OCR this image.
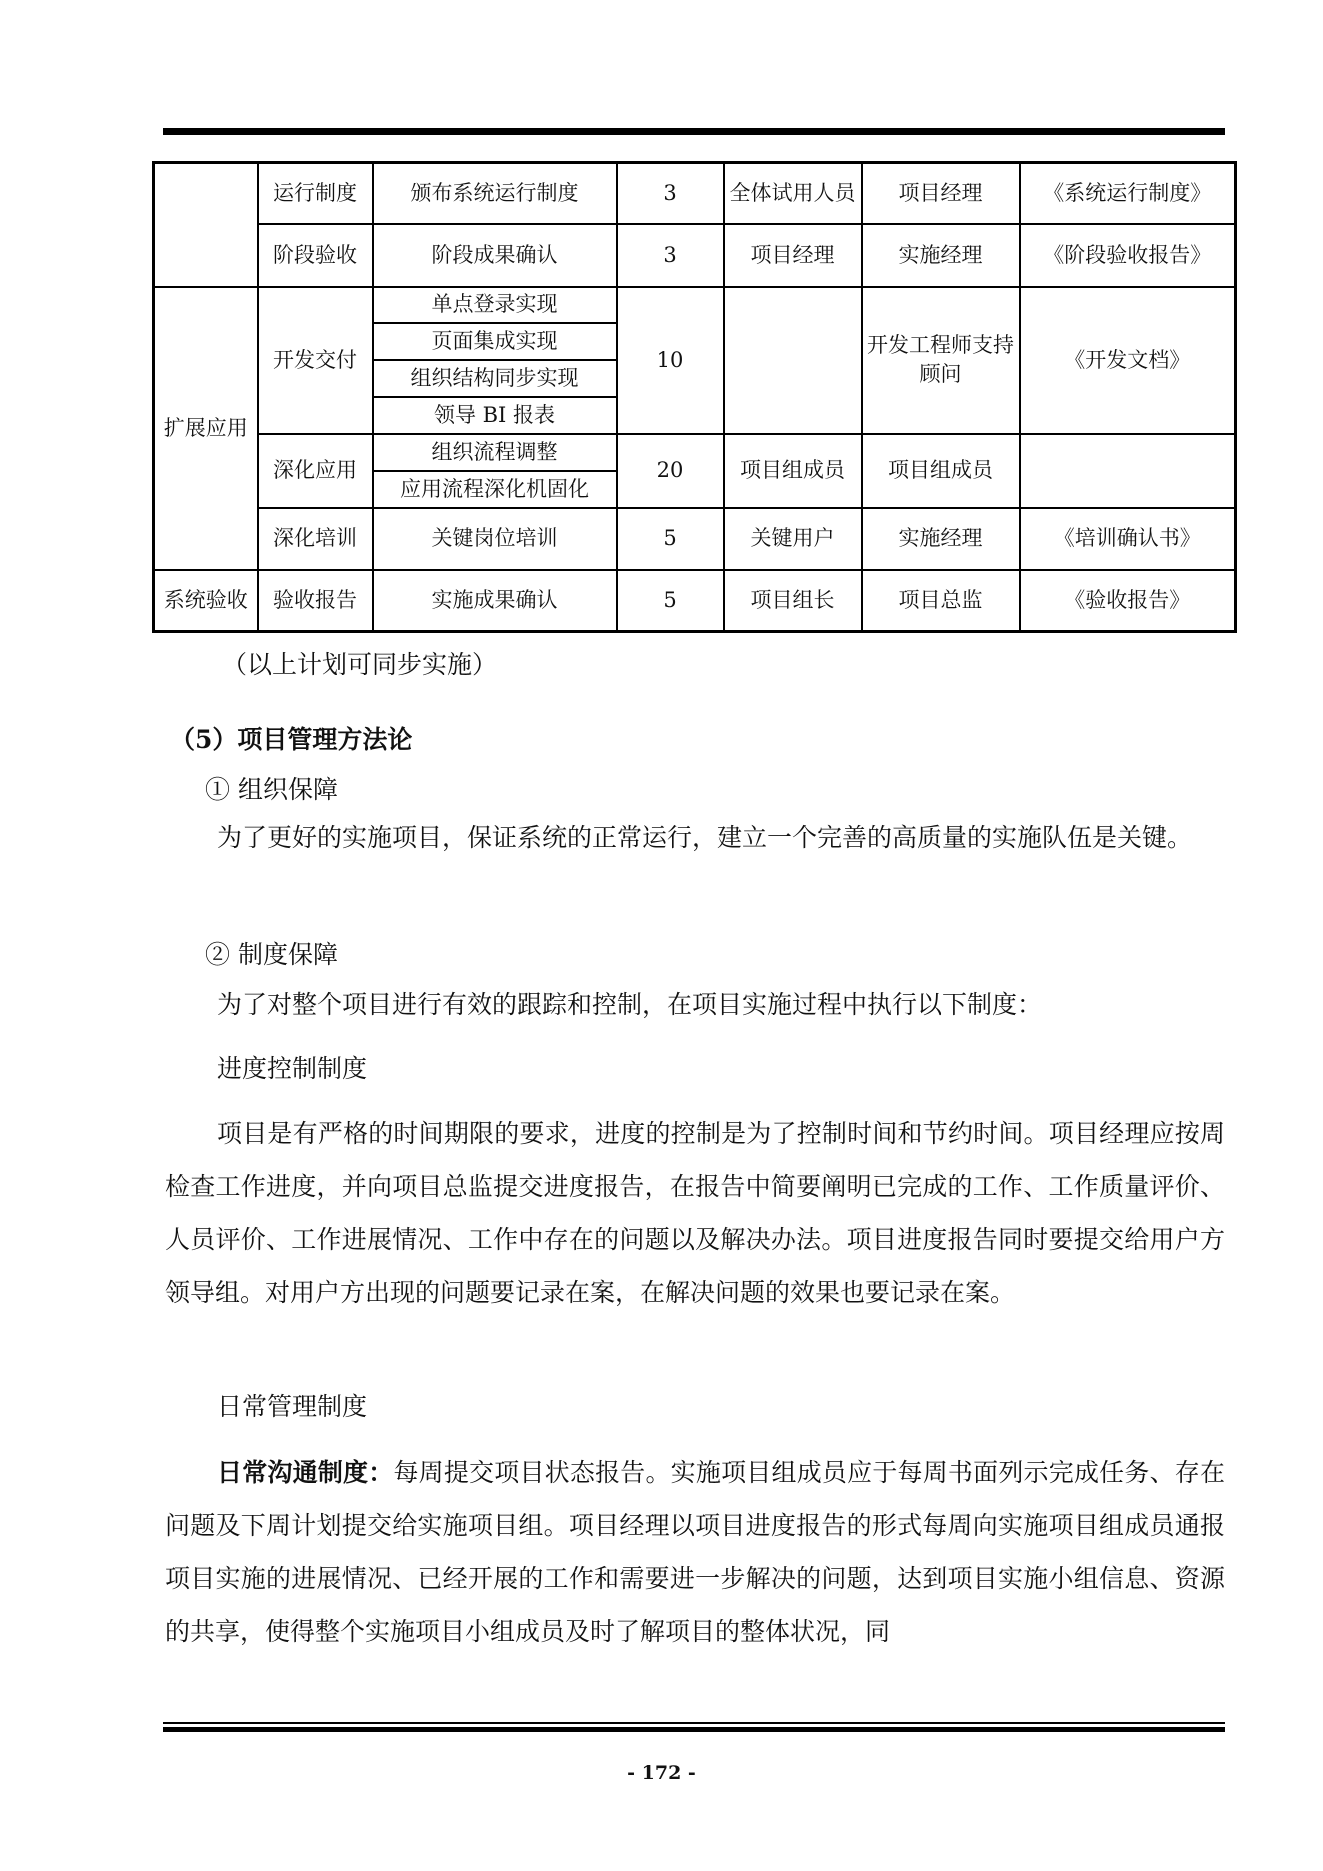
	运行制度	颁布系统运行制度	3	全体试用人员	项目经理	《系统运行制度》
	阶段验收	阶段成果确认	3	项目经理	实施经理	《阶段验收报告》
扩展应用	开发交付	单点登录实现	10		开发工程师支持顾问	《开发文档》
		页面集成实现				
		组织结构同步实现				
		领导 BI 报表				
	深化应用	组织流程调整	20	项目组成员	项目组成员	
		应用流程深化机固化				
	深化培训	关键岗位培训	5	关键用户	实施经理	《培训确认书》
系统验收	验收报告	实施成果确认	5	项目组长	项目总监	《验收报告》
（以上计划可同步实施）
（5）项目管理方法论
① 组织保障
为了更好的实施项目，保证系统的正常运行，建立一个完善的高质量的实施队伍是关键。
② 制度保障
为了对整个项目进行有效的跟踪和控制，在项目实施过程中执行以下制度：
进度控制制度
项目是有严格的时间期限的要求，进度的控制是为了控制时间和节约时间。项目经理应按周检查工作进度，并向项目总监提交进度报告，在报告中简要阐明已完成的工作、工作质量评价、人员评价、工作进展情况、工作中存在的问题以及解决办法。项目进度报告同时要提交给用户方领导组。对用户方出现的问题要记录在案，在解决问题的效果也要记录在案。
日常管理制度
日常沟通制度：每周提交项目状态报告。实施项目组成员应于每周书面列示完成任务、存在问题及下周计划提交给实施项目组。项目经理以项目进度报告的形式每周向实施项目组成员通报项目实施的进展情况、已经开展的工作和需要进一步解决的问题，达到项目实施小组信息、资源的共享，使得整个实施项目小组成员及时了解项目的整体状况，同
- 172 -
